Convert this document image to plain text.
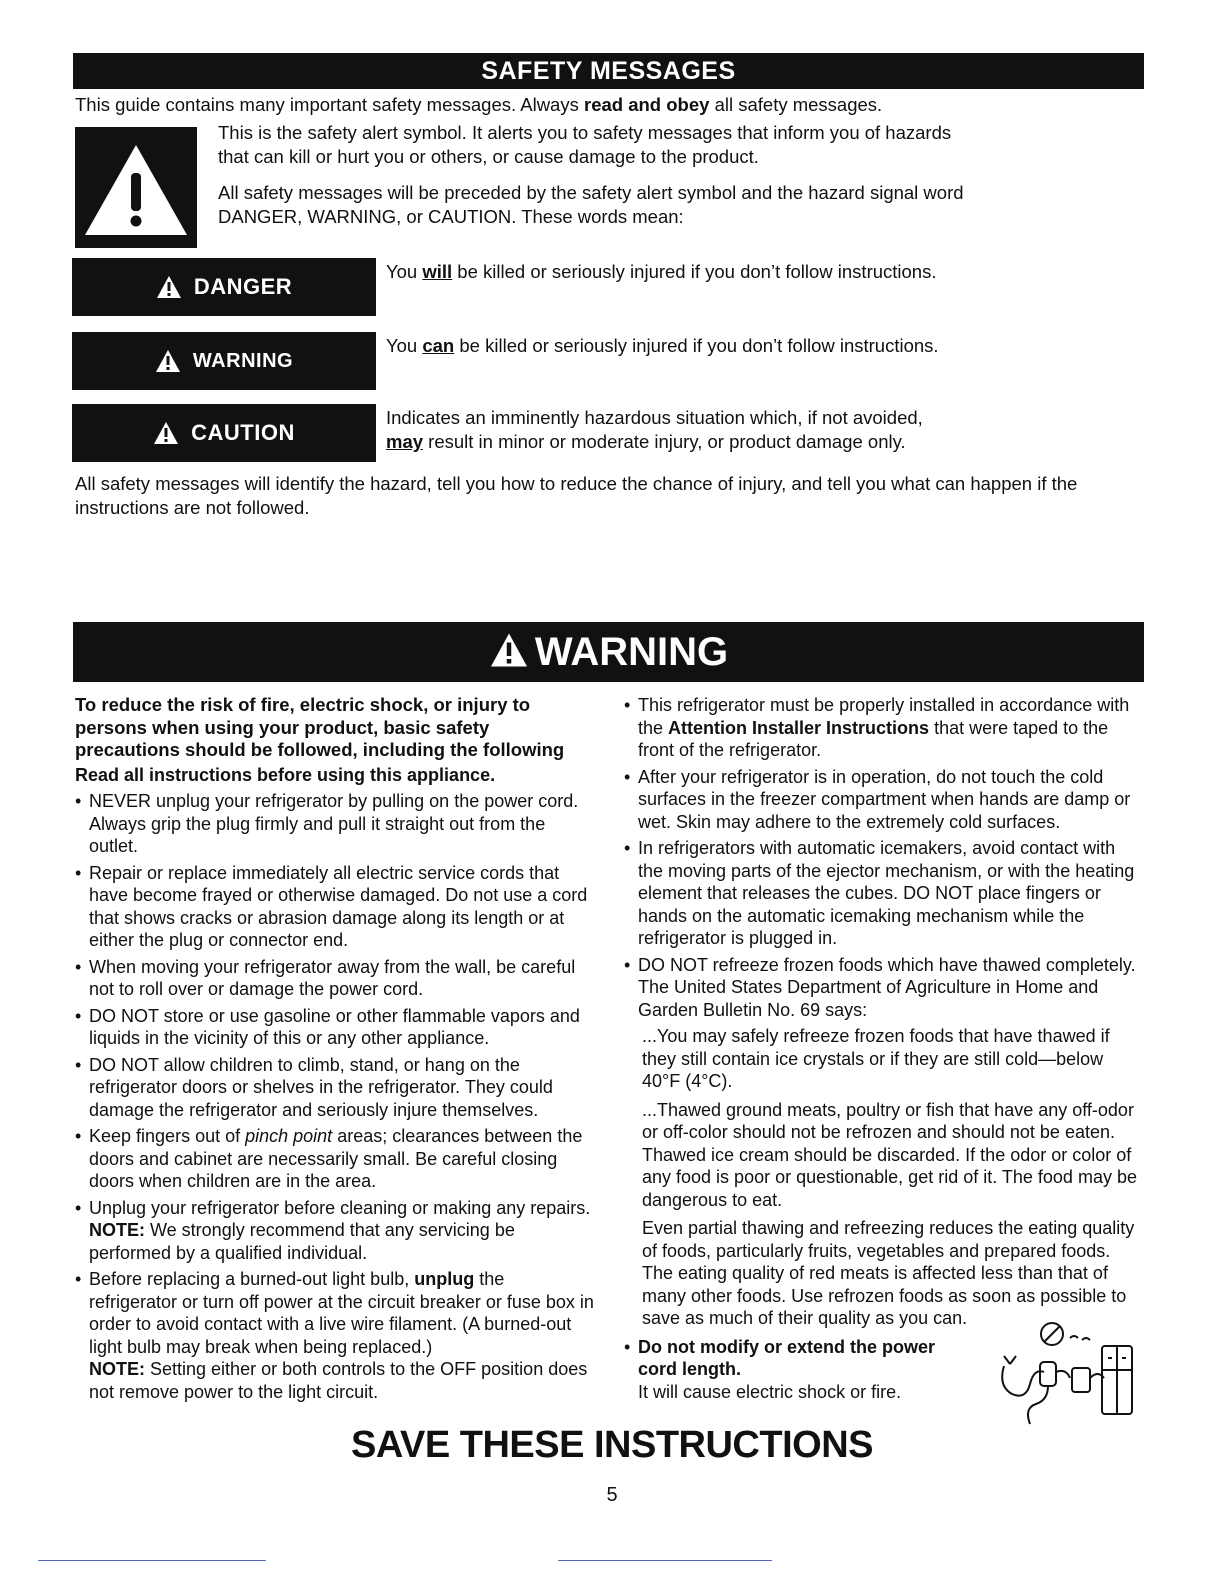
SAFETY MESSAGES

This guide contains many important safety messages. Always read and obey all safety messages.

This is the safety alert symbol. It alerts you to safety messages that inform you of hazards that can kill or hurt you or others, or cause damage to the product.

All safety messages will be preceded by the safety alert symbol and the hazard signal word DANGER, WARNING, or CAUTION. These words mean:

DANGER

You will be killed or seriously injured if you don’t follow instructions.

WARNING

You can be killed or seriously injured if you don’t follow instructions.

CAUTION

Indicates an imminently hazardous situation which, if not avoided,
may result in minor or moderate injury, or product damage only.

All safety messages will identify the hazard, tell you how to reduce the chance of injury, and tell you what can happen if the instructions are not followed.

WARNING
To reduce the risk of fire, electric shock, or injury to persons when using your product, basic safety precautions should be followed, including the following
Read all instructions before using this appliance.
• NEVER unplug your refrigerator by pulling on the power cord. Always grip the plug firmly and pull it straight out from the outlet.
• Repair or replace immediately all electric service cords that have become frayed or otherwise damaged. Do not use a cord that shows cracks or abrasion damage along its length or at either the plug or connector end.
• When moving your refrigerator away from the wall, be careful not to roll over or damage the power cord.
• DO NOT store or use gasoline or other flammable vapors and liquids in the vicinity of this or any other appliance.
• DO NOT allow children to climb, stand, or hang on the refrigerator doors or shelves in the refrigerator. They could damage the refrigerator and seriously injure themselves.
• Keep fingers out of pinch point areas; clearances between the doors and cabinet are necessarily small. Be careful closing doors when children are in the area.
• Unplug your refrigerator before cleaning or making any repairs.
NOTE: We strongly recommend that any servicing be performed by a qualified individual.
• Before replacing a burned-out light bulb, unplug the refrigerator or turn off power at the circuit breaker or fuse box in order to avoid contact with a live wire filament. (A burned-out light bulb may break when being replaced.)
NOTE: Setting either or both controls to the OFF position does not remove power to the light circuit.
• This refrigerator must be properly installed in accordance with the Attention Installer Instructions that were taped to the front of the refrigerator.
• After your refrigerator is in operation, do not touch the cold surfaces in the freezer compartment when hands are damp or wet. Skin may adhere to the extremely cold surfaces.
• In refrigerators with automatic icemakers, avoid contact with the moving parts of the ejector mechanism, or with the heating element that releases the cubes. DO NOT place fingers or hands on the automatic icemaking mechanism while the refrigerator is plugged in.
• DO NOT refreeze frozen foods which have thawed completely. The United States Department of Agriculture in Home and Garden Bulletin No. 69 says:
...You may safely refreeze frozen foods that have thawed if they still contain ice crystals or if they are still cold—below 40°F (4°C).
...Thawed ground meats, poultry or fish that have any off-odor or off-color should not be refrozen and should not be eaten. Thawed ice cream should be discarded. If the odor or color of any food is poor or questionable, get rid of it. The food may be dangerous to eat.
Even partial thawing and refreezing reduces the eating quality of foods, particularly fruits, vegetables and prepared foods. The eating quality of red meats is affected less than that of many other foods. Use refrozen foods as soon as possible to save as much of their quality as you can.
• Do not modify or extend the power cord length.
It will cause electric shock or fire.
SAVE THESE INSTRUCTIONS
5
